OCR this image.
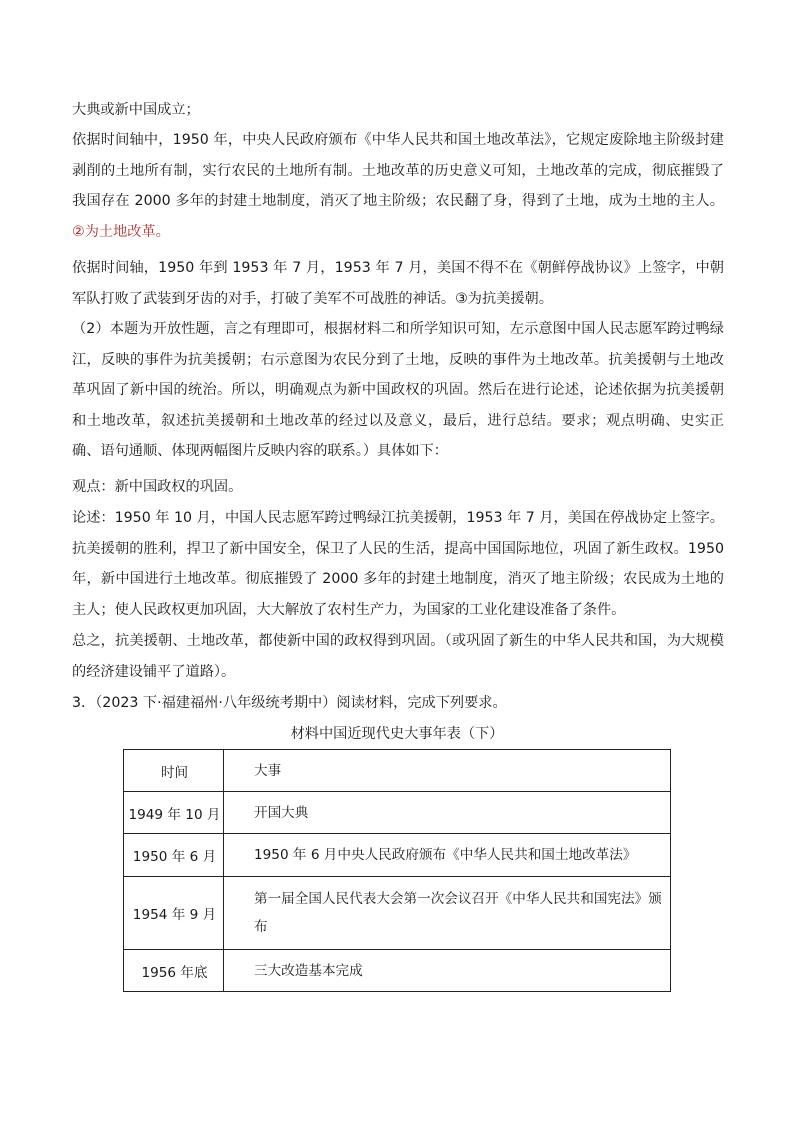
大典或新中国成立；

依据时间轴中，1950 年，中央人民政府颁布《中华人民共和国土地改革法》，它规定废除地主阶级封建剥削的土地所有制，实行农民的土地所有制。土地改革的历史意义可知，土地改革的完成，彻底摧毁了我国存在 2000 多年的封建土地制度，消灭了地主阶级；农民翻了身，得到了土地，成为土地的主人。②为土地改革。

依据时间轴，1950 年到 1953 年 7 月，1953 年 7 月，美国不得不在《朝鲜停战协议》上签字，中朝军队打败了武装到牙齿的对手，打破了美军不可战胜的神话。③为抗美援朝。

（2）本题为开放性题，言之有理即可，根据材料二和所学知识可知，左示意图中国人民志愿军跨过鸭绿江，反映的事件为抗美援朝；右示意图为农民分到了土地，反映的事件为土地改革。抗美援朝与土地改革巩固了新中国的统治。所以，明确观点为新中国政权的巩固。然后在进行论述，论述依据为抗美援朝和土地改革，叙述抗美援朝和土地改革的经过以及意义，最后，进行总结。要求；观点明确、史实正确、语句通顺、体现两幅图片反映内容的联系。）具体如下：

观点：新中国政权的巩固。

论述：1950 年 10 月，中国人民志愿军跨过鸭绿江抗美援朝，1953 年 7 月，美国在停战协定上签字。抗美援朝的胜利，捍卫了新中国安全，保卫了人民的生活，提高中国国际地位，巩固了新生政权。1950 年，新中国进行土地改革。彻底摧毁了 2000 多年的封建土地制度，消灭了地主阶级；农民成为土地的主人；使人民政权更加巩固，大大解放了农村生产力，为国家的工业化建设准备了条件。

总之，抗美援朝、土地改革，都使新中国的政权得到巩固。（或巩固了新生的中华人民共和国，为大规模的经济建设铺平了道路）。

3．（2023 下·福建福州·八年级统考期中）阅读材料，完成下列要求。

材料中国近现代史大事年表（下）
时间	大事
1949 年 10 月	开国大典
1950 年 6 月	1950 年 6 月中央人民政府颁布《中华人民共和国土地改革法》
1954 年 9 月	第一届全国人民代表大会第一次会议召开《中华人民共和国宪法》颁布
1956 年底	三大改造基本完成
